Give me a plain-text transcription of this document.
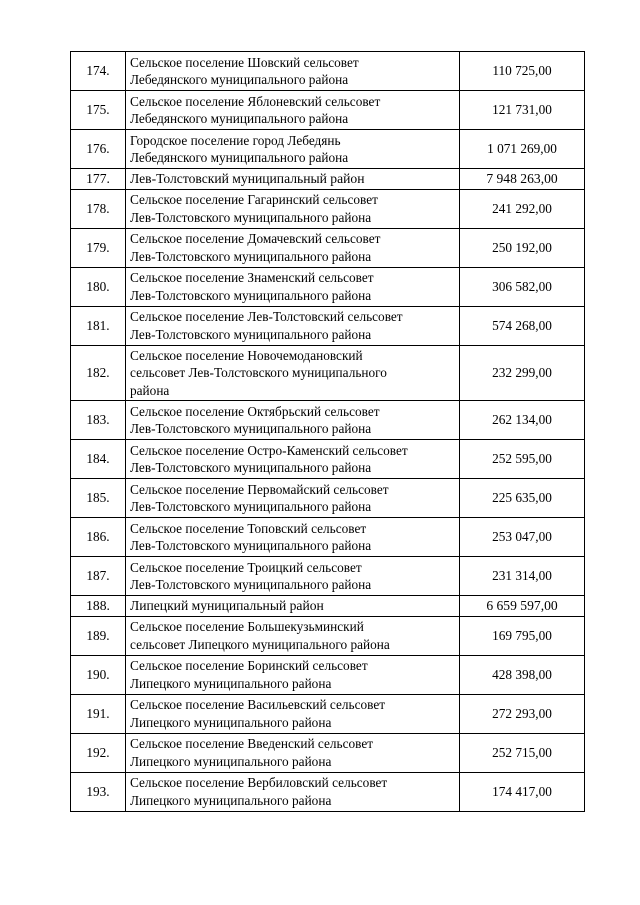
174.	Сельское поселение Шовский сельсовет
Лебедянского муниципального района	110 725,00
175.	Сельское поселение Яблоневский сельсовет
Лебедянского муниципального района	121 731,00
176.	Городское поселение город Лебедянь
Лебедянского муниципального района	1 071 269,00
177.	Лев-Толстовский муниципальный район	7 948 263,00
178.	Сельское поселение Гагаринский сельсовет
Лев-Толстовского муниципального района	241 292,00
179.	Сельское поселение Домачевский сельсовет
Лев-Толстовского муниципального района	250 192,00
180.	Сельское поселение Знаменский сельсовет
Лев-Толстовского муниципального района	306 582,00
181.	Сельское поселение Лев-Толстовский сельсовет
Лев-Толстовского муниципального района	574 268,00
182.	Сельское поселение Новочемодановский
сельсовет Лев-Толстовского муниципального
района	232 299,00
183.	Сельское поселение Октябрьский сельсовет
Лев-Толстовского муниципального района	262 134,00
184.	Сельское поселение Остро-Каменский сельсовет
Лев-Толстовского муниципального района	252 595,00
185.	Сельское поселение Первомайский сельсовет
Лев-Толстовского муниципального района	225 635,00
186.	Сельское поселение Топовский сельсовет
Лев-Толстовского муниципального района	253 047,00
187.	Сельское поселение Троицкий сельсовет
Лев-Толстовского муниципального района	231 314,00
188.	Липецкий муниципальный район	6 659 597,00
189.	Сельское поселение Большекузьминский
сельсовет Липецкого муниципального района	169 795,00
190.	Сельское поселение Боринский сельсовет
Липецкого муниципального района	428 398,00
191.	Сельское поселение Васильевский сельсовет
Липецкого муниципального района	272 293,00
192.	Сельское поселение Введенский сельсовет
Липецкого муниципального района	252 715,00
193.	Сельское поселение Вербиловский сельсовет
Липецкого муниципального района	174 417,00
